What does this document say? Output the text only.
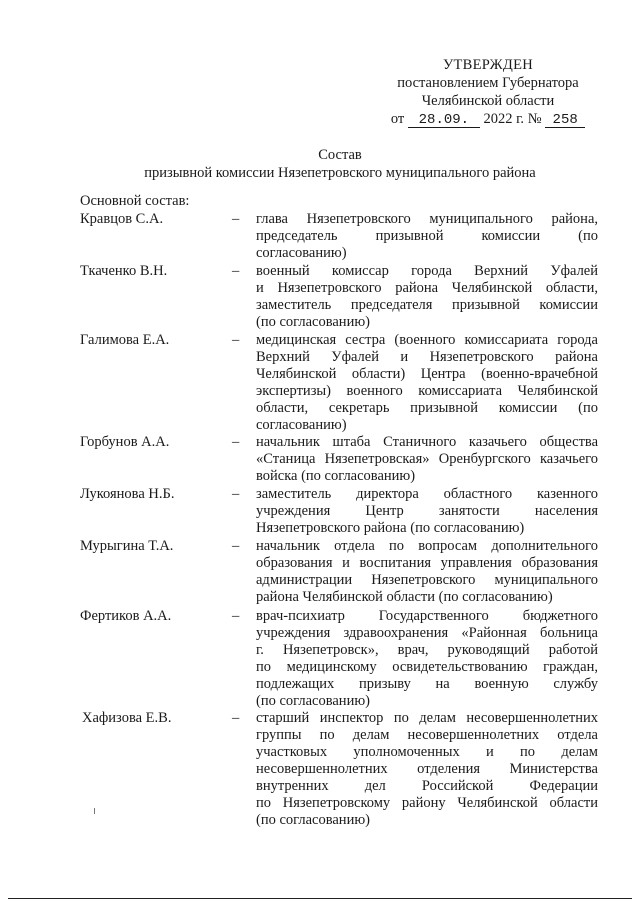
УТВЕРЖДЕН
постановлением Губернатора
Челябинской области
от 28.09. 2022 г. № 258
Состав
призывной комиссии Нязепетровского муниципального района
Основной состав:
Кравцов С.А.	– глава Нязепетровского муниципального района,
председатель призывной комиссии (по
согласованию)
Ткаченко В.Н.	– военный комиссар города Верхний Уфалей
и Нязепетровского района Челябинской области,
заместитель председателя призывной комиссии
(по согласованию)
Галимова Е.А.	– медицинская сестра (военного комиссариата города
Верхний Уфалей и Нязепетровского района
Челябинской области) Центра (военно-врачебной
экспертизы) военного комиссариата Челябинской
области, секретарь призывной комиссии (по
согласованию)
Горбунов А.А.	– начальник штаба Станичного казачьего общества
«Станица Нязепетровская» Оренбургского казачьего
войска (по согласованию)
Лукоянова Н.Б.	– заместитель директора областного казенного
учреждения Центр занятости населения
Нязепетровского района (по согласованию)
Мурыгина Т.А.	– начальник отдела по вопросам дополнительного
образования и воспитания управления образования
администрации Нязепетровского муниципального
района Челябинской области (по согласованию)
Фертиков А.А.	– врач-психиатр Государственного бюджетного
учреждения здравоохранения «Районная больница
г. Нязепетровск», врач, руководящий работой
по медицинскому освидетельствованию граждан,
подлежащих призыву на военную службу
(по согласованию)
Хафизова Е.В.	– старший инспектор по делам несовершеннолетних
группы по делам несовершеннолетних отдела
участковых уполномоченных и по делам
несовершеннолетних отделения Министерства
внутренних дел Российской Федерации
по Нязепетровскому району Челябинской области
(по согласованию)
